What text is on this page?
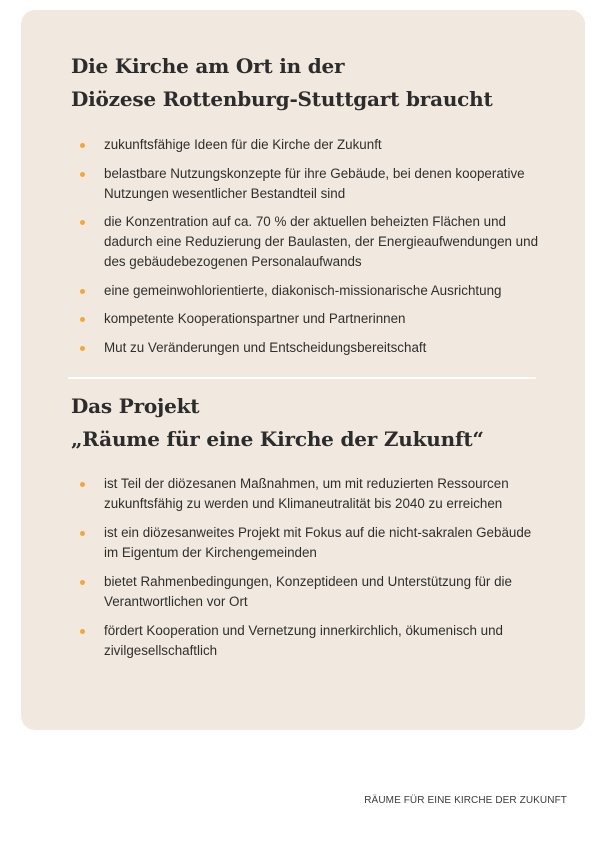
Die Kirche am Ort in der
Diözese Rottenburg-Stuttgart braucht
zukunftsfähige Ideen für die Kirche der Zukunft
belastbare Nutzungskonzepte für ihre Gebäude, bei denen kooperative Nutzungen wesentlicher Bestandteil sind
die Konzentration auf ca. 70 % der aktuellen beheizten Flächen und dadurch eine Reduzierung der Baulasten, der Energieaufwendungen und des gebäudebezogenen Personalaufwands
eine gemeinwohlorientierte, diakonisch-missionarische Ausrichtung
kompetente Kooperationspartner und Partnerinnen
Mut zu Veränderungen und Entscheidungsbereitschaft
Das Projekt
„Räume für eine Kirche der Zukunft“
ist Teil der diözesanen Maßnahmen, um mit reduzierten Ressourcen zukunftsfähig zu werden und Klimaneutralität bis 2040 zu erreichen
ist ein diözesanweites Projekt mit Fokus auf die nicht-sakralen Gebäude im Eigentum der Kirchengemeinden
bietet Rahmenbedingungen, Konzeptideen und Unterstützung für die Verantwortlichen vor Ort
fördert Kooperation und Vernetzung innerkirchlich, ökumenisch und zivilgesellschaftlich
RÄUME FÜR EINE KIRCHE DER ZUKUNFT
